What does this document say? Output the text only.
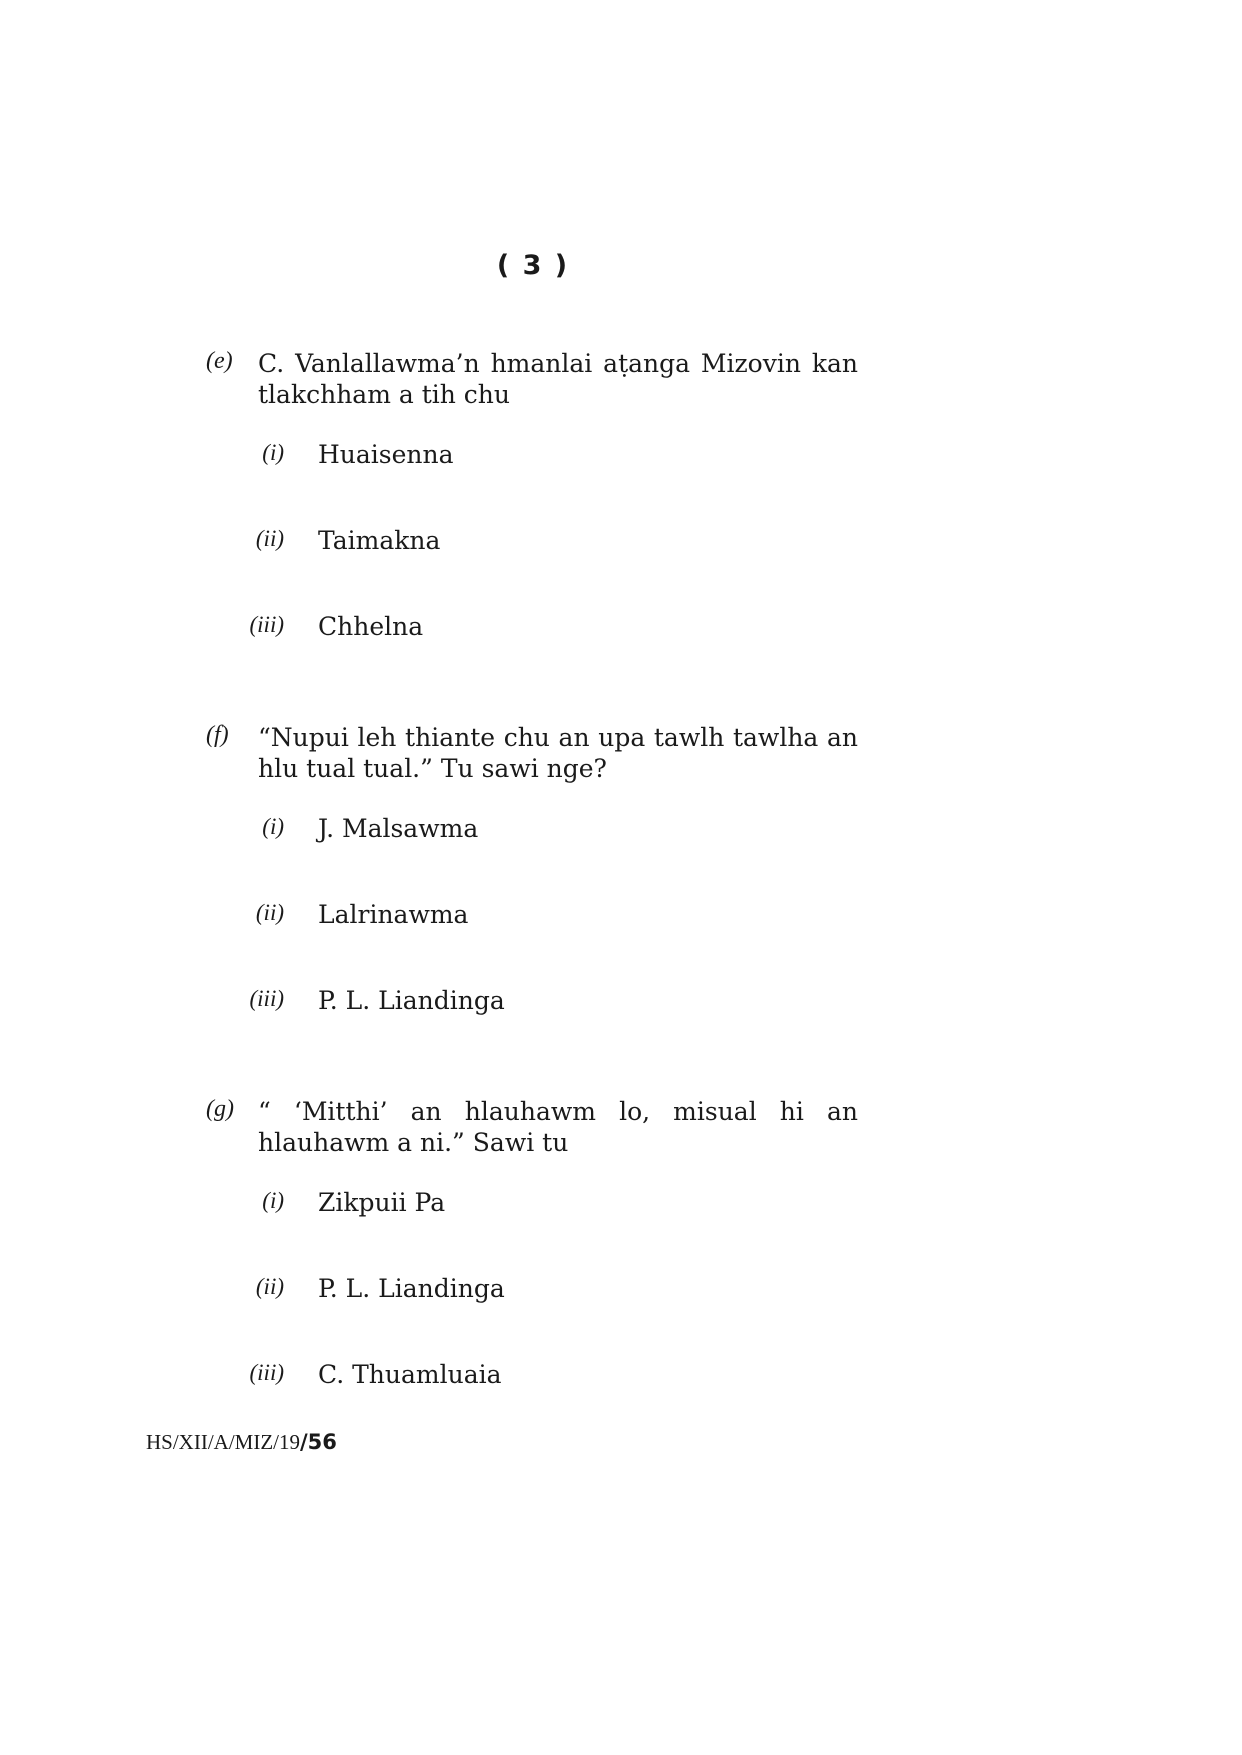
( 3 )
(e) C. Vanlallawma’n hmanlai aṭanga Mizovin kan
tlakchham a tih chu
(i) Huaisenna
(ii) Taimakna
(iii) Chhelna
(f) “Nupui leh thiante chu an upa tawlh tawlha an
hlu tual tual.” Tu sawi nge?
(i) J. Malsawma
(ii) Lalrinawma
(iii) P. L. Liandinga
(g) “ ‘Mitthi’ an hlauhawm lo, misual hi an
hlauhawm a ni.” Sawi tu
(i) Zikpuii Pa
(ii) P. L. Liandinga
(iii) C. Thuamluaia
HS/XII/A/MIZ/19/56
